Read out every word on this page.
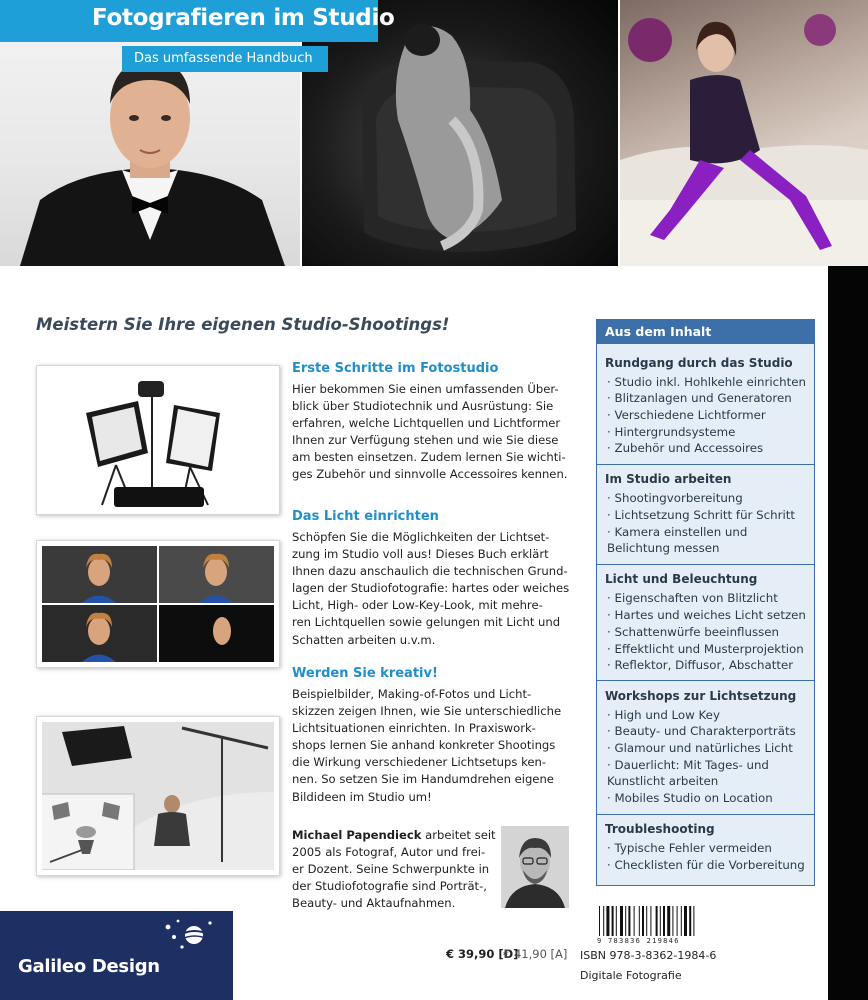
Fotografieren im Studio
Das umfassende Handbuch
Meistern Sie Ihre eigenen Studio-Shootings!
Erste Schritte im Fotostudio
Hier bekommen Sie einen umfassenden Über-
blick über Studiotechnik und Ausrüstung: Sie
erfahren, welche Lichtquellen und Lichtformer
Ihnen zur Verfügung stehen und wie Sie diese
am besten einsetzen. Zudem lernen Sie wichti-
ges Zubehör und sinnvolle Accessoires kennen.
Das Licht einrichten
Schöpfen Sie die Möglichkeiten der Lichtset-
zung im Studio voll aus! Dieses Buch erklärt
Ihnen dazu anschaulich die technischen Grund-
lagen der Studiofotografie: hartes oder weiches
Licht, High- oder Low-Key-Look, mit mehre-
ren Lichtquellen sowie gelungen mit Licht und
Schatten arbeiten u.v.m.
Werden Sie kreativ!
Beispielbilder, Making-of-Fotos und Licht-
skizzen zeigen Ihnen, wie Sie unterschiedliche
Lichtsituationen einrichten. In Praxiswork-
shops lernen Sie anhand konkreter Shootings
die Wirkung verschiedener Lichtsetups ken-
nen. So setzen Sie im Handumdrehen eigene
Bildideen im Studio um!
Michael Papendieck arbeitet seit
2005 als Fotograf, Autor und frei-
er Dozent. Seine Schwerpunkte in
der Studiofotografie sind Porträt-,
Beauty- und Aktaufnahmen.
Aus dem Inhalt
Rundgang durch das Studio
· Studio inkl. Hohlkehle einrichten
· Blitzanlagen und Generatoren
· Verschiedene Lichtformer
· Hintergrundsysteme
· Zubehör und Accessoires
Im Studio arbeiten
· Shootingvorbereitung
· Lichtsetzung Schritt für Schritt
· Kamera einstellen und
Belichtung messen
Licht und Beleuchtung
· Eigenschaften von Blitzlicht
· Hartes und weiches Licht setzen
· Schattenwürfe beeinflussen
· Effektlicht und Musterprojektion
· Reflektor, Diffusor, Abschatter
Workshops zur Lichtsetzung
· High und Low Key
· Beauty- und Charakterporträts
· Glamour und natürliches Licht
· Dauerlicht: Mit Tages- und
Kunstlicht arbeiten
· Mobiles Studio on Location
Troubleshooting
· Typische Fehler vermeiden
· Checklisten für die Vorbereitung
Galileo Design
€ 39,90 [D]
€ 41,90 [A]
9 783836 219846
ISBN 978-3-8362-1984-6
Digitale Fotografie
